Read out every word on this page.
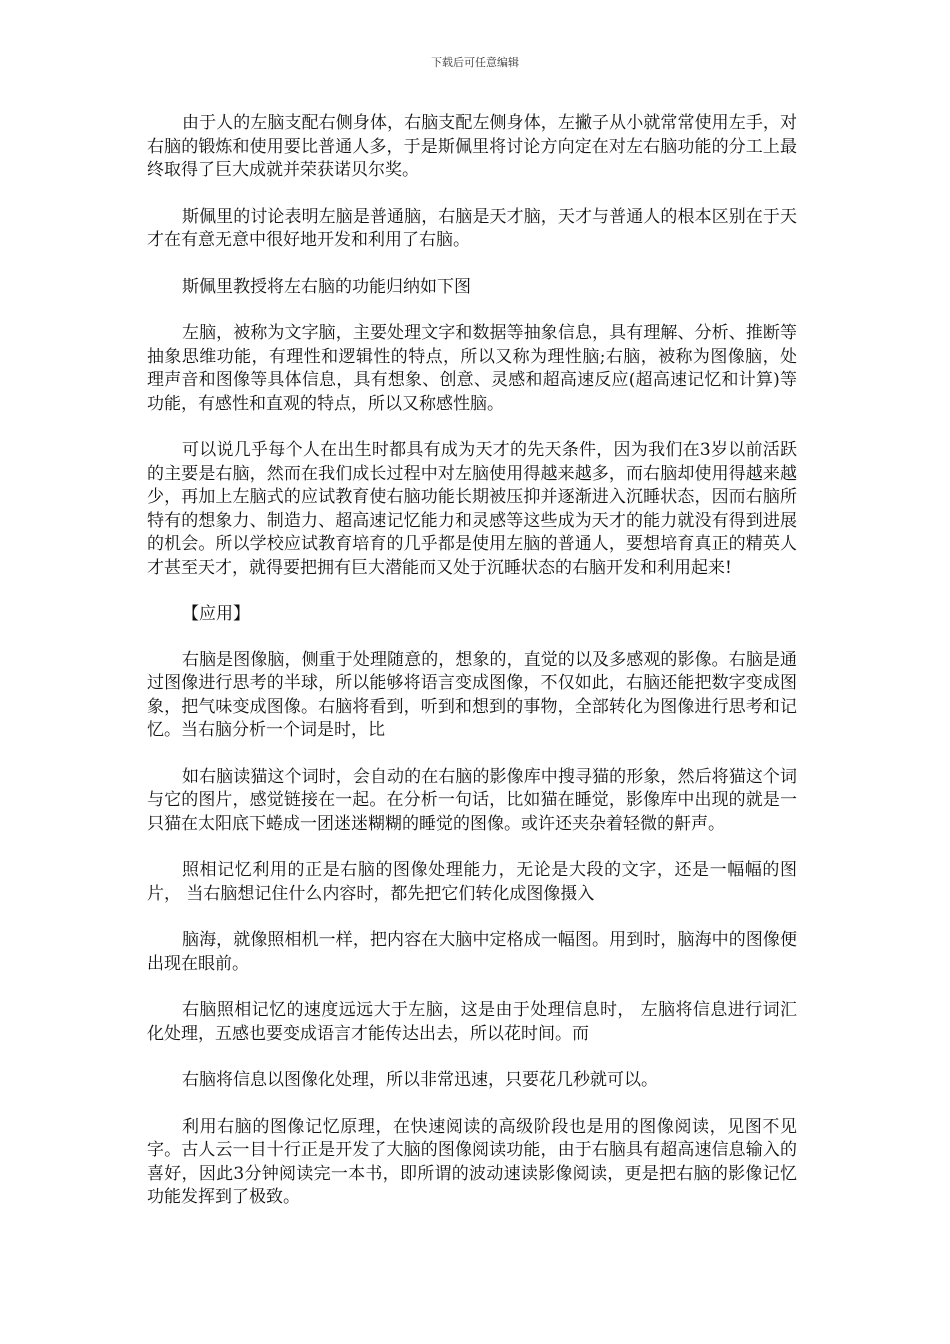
下载后可任意编辑

由于人的左脑支配右侧身体，右脑支配左侧身体，左撇子从小就常常使用左手，对右脑的锻炼和使用要比普通人多，于是斯佩里将讨论方向定在对左右脑功能的分工上最终取得了巨大成就并荣获诺贝尔奖。

斯佩里的讨论表明左脑是普通脑，右脑是天才脑，天才与普通人的根本区别在于天才在有意无意中很好地开发和利用了右脑。

斯佩里教授将左右脑的功能归纳如下图

左脑，被称为文字脑，主要处理文字和数据等抽象信息，具有理解、分析、推断等抽象思维功能，有理性和逻辑性的特点，所以又称为理性脑;右脑，被称为图像脑，处理声音和图像等具体信息，具有想象、创意、灵感和超高速反应(超高速记忆和计算)等功能，有感性和直观的特点，所以又称感性脑。

可以说几乎每个人在出生时都具有成为天才的先天条件，因为我们在3岁以前活跃的主要是右脑，然而在我们成长过程中对左脑使用得越来越多，而右脑却使用得越来越少，再加上左脑式的应试教育使右脑功能长期被压抑并逐渐进入沉睡状态，因而右脑所特有的想象力、制造力、超高速记忆能力和灵感等这些成为天才的能力就没有得到进展的机会。所以学校应试教育培育的几乎都是使用左脑的普通人，要想培育真正的精英人才甚至天才，就得要把拥有巨大潜能而又处于沉睡状态的右脑开发和利用起来!

【应用】

右脑是图像脑，侧重于处理随意的，想象的，直觉的以及多感观的影像。右脑是通过图像进行思考的半球，所以能够将语言变成图像，不仅如此，右脑还能把数字变成图象，把气味变成图像。右脑将看到，听到和想到的事物，全部转化为图像进行思考和记忆。当右脑分析一个词是时，比

如右脑读猫这个词时，会自动的在右脑的影像库中搜寻猫的形象，然后将猫这个词与它的图片，感觉链接在一起。在分析一句话，比如猫在睡觉，影像库中出现的就是一只猫在太阳底下蜷成一团迷迷糊糊的睡觉的图像。或许还夹杂着轻微的鼾声。

照相记忆利用的正是右脑的图像处理能力，无论是大段的文字，还是一幅幅的图片， 当右脑想记住什么内容时，都先把它们转化成图像摄入

脑海，就像照相机一样，把内容在大脑中定格成一幅图。用到时，脑海中的图像便出现在眼前。

右脑照相记忆的速度远远大于左脑，这是由于处理信息时， 左脑将信息进行词汇化处理，五感也要变成语言才能传达出去，所以花时间。而

右脑将信息以图像化处理，所以非常迅速，只要花几秒就可以。

利用右脑的图像记忆原理，在快速阅读的高级阶段也是用的图像阅读，见图不见字。古人云一目十行正是开发了大脑的图像阅读功能，由于右脑具有超高速信息输入的喜好，因此3分钟阅读完一本书，即所谓的波动速读影像阅读，更是把右脑的影像记忆功能发挥到了极致。
